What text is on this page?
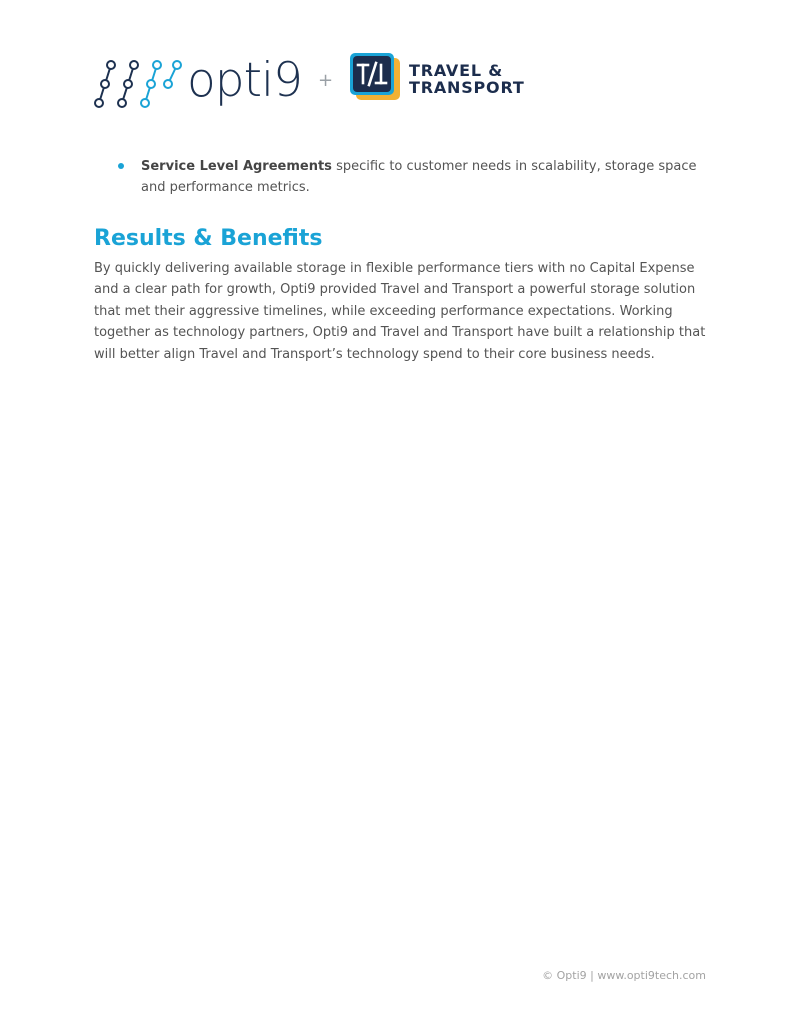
opti9 +	TRAVEL &
TRANSPORT
Service Level Agreements specific to customer needs in scalability, storage space and performance metrics.
Results & Benefits

By quickly delivering available storage in flexible performance tiers with no Capital Expense and a clear path for growth, Opti9 provided Travel and Transport a powerful storage solution that met their aggressive timelines, while exceeding performance expectations. Working together as technology partners, Opti9 and Travel and Transport have built a relationship that will better align Travel and Transport’s technology spend to their core business needs.

© Opti9 | www.opti9tech.com
